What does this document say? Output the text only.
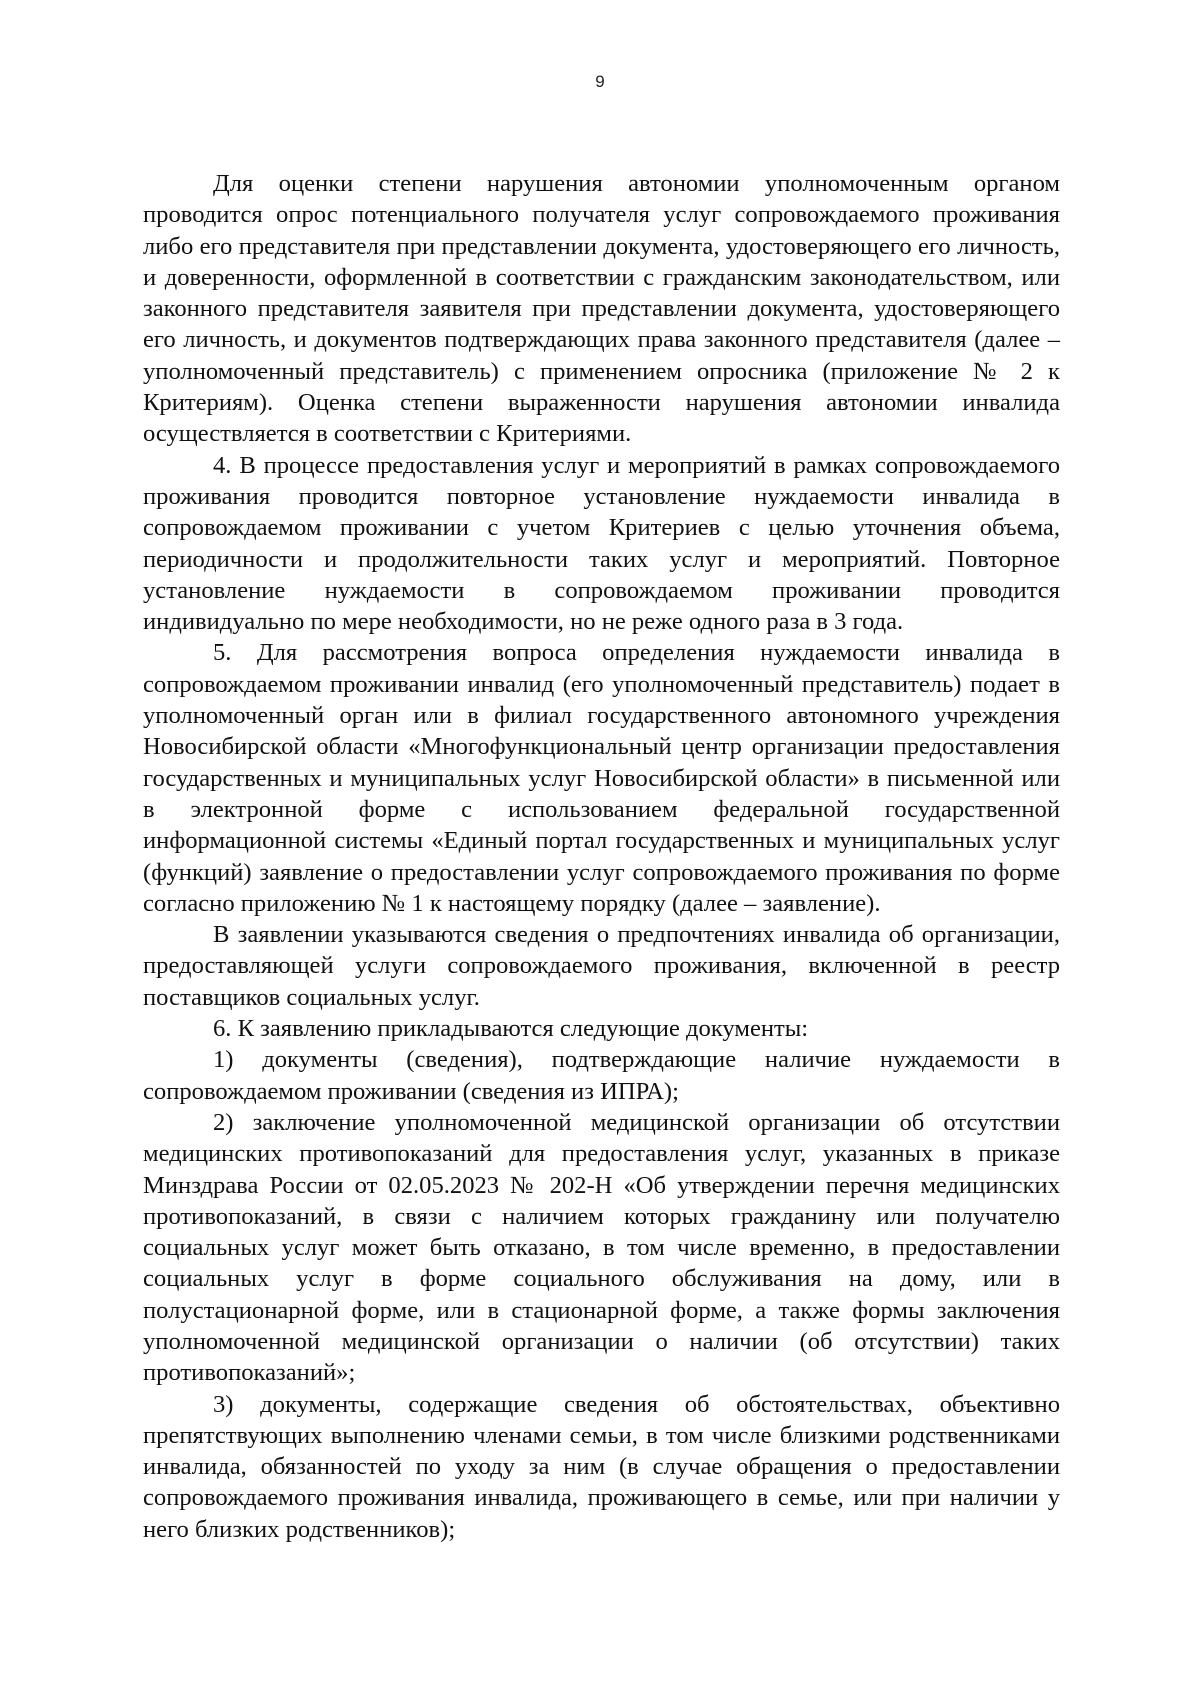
9

Для оценки степени нарушения автономии уполномоченным органом проводится опрос потенциального получателя услуг сопровождаемого проживания либо его представителя при представлении документа, удостоверяющего его личность, и доверенности, оформленной в соответствии с гражданским законодательством, или законного представителя заявителя при представлении документа, удостоверяющего его личность, и документов подтверждающих права законного представителя (далее – уполномоченный представитель) с применением опросника (приложение № 2 к Критериям). Оценка степени выраженности нарушения автономии инвалида осуществляется в соответствии с Критериями.

4. В процессе предоставления услуг и мероприятий в рамках сопровождаемого проживания проводится повторное установление нуждаемости инвалида в сопровождаемом проживании с учетом Критериев с целью уточнения объема, периодичности и продолжительности таких услуг и мероприятий. Повторное установление нуждаемости в сопровождаемом проживании проводится индивидуально по мере необходимости, но не реже одного раза в 3 года.

5. Для рассмотрения вопроса определения нуждаемости инвалида в сопровождаемом проживании инвалид (его уполномоченный представитель) подает в уполномоченный орган или в филиал государственного автономного учреждения Новосибирской области «Многофункциональный центр организации предоставления государственных и муниципальных услуг Новосибирской области» в письменной или в электронной форме с использованием федеральной государственной информационной системы «Единый портал государственных и муниципальных услуг (функций) заявление о предоставлении услуг сопровождаемого проживания по форме согласно приложению № 1 к настоящему порядку (далее – заявление).

В заявлении указываются сведения о предпочтениях инвалида об организации, предоставляющей услуги сопровождаемого проживания, включенной в реестр поставщиков социальных услуг.

6. К заявлению прикладываются следующие документы:

1) документы (сведения), подтверждающие наличие нуждаемости в сопровождаемом проживании (сведения из ИПРА);

2) заключение уполномоченной медицинской организации об отсутствии медицинских противопоказаний для предоставления услуг, указанных в приказе Минздрава России от 02.05.2023 № 202-Н «Об утверждении перечня медицинских противопоказаний, в связи с наличием которых гражданину или получателю социальных услуг может быть отказано, в том числе временно, в предоставлении социальных услуг в форме социального обслуживания на дому, или в полустационарной форме, или в стационарной форме, а также формы заключения уполномоченной медицинской организации о наличии (об отсутствии) таких противопоказаний»;

3) документы, содержащие сведения об обстоятельствах, объективно препятствующих выполнению членами семьи, в том числе близкими родственниками инвалида, обязанностей по уходу за ним (в случае обращения о предоставлении сопровождаемого проживания инвалида, проживающего в семье, или при наличии у него близких родственников);
